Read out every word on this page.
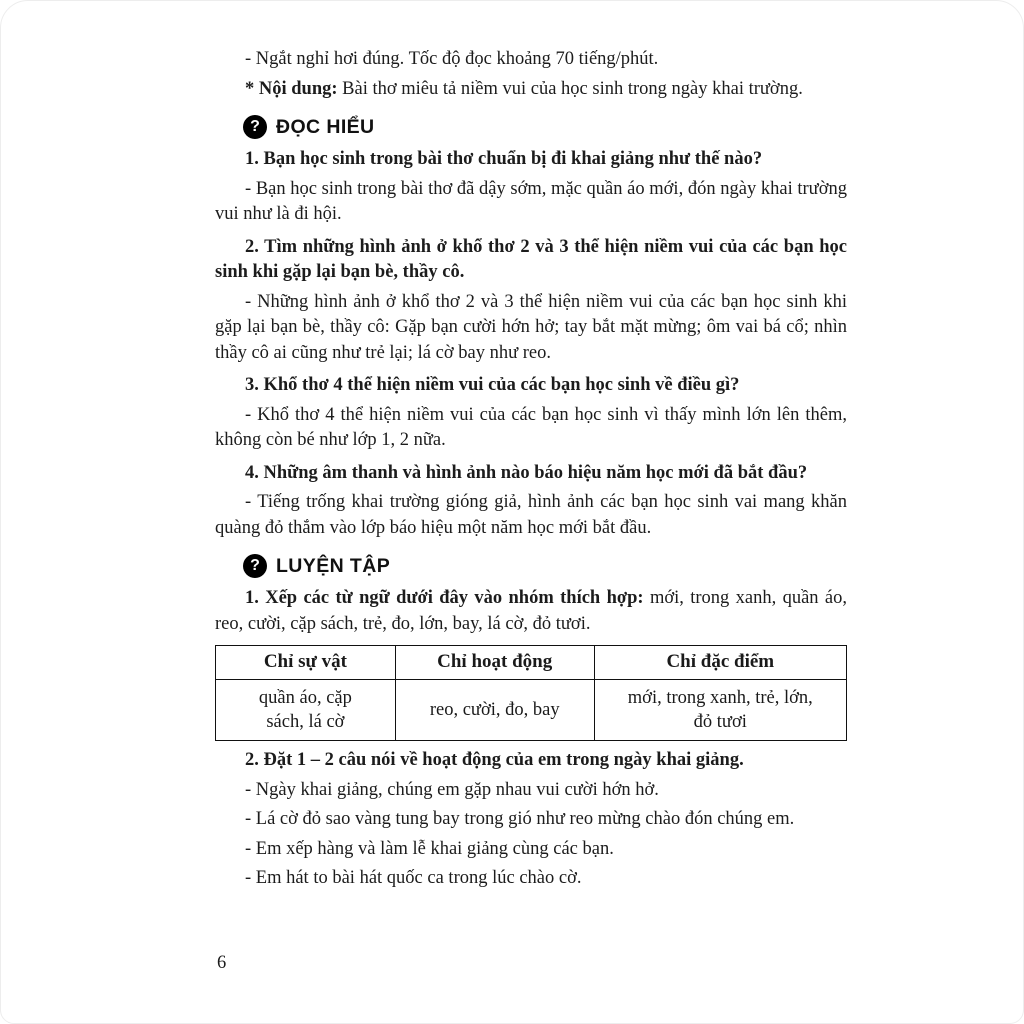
- Ngắt nghỉ hơi đúng. Tốc độ đọc khoảng 70 tiếng/phút.

* Nội dung: Bài thơ miêu tả niềm vui của học sinh trong ngày khai trường.

? ĐỌC HIỂU

1. Bạn học sinh trong bài thơ chuẩn bị đi khai giảng như thế nào?

- Bạn học sinh trong bài thơ đã dậy sớm, mặc quần áo mới, đón ngày khai trường vui như là đi hội.

2. Tìm những hình ảnh ở khổ thơ 2 và 3 thể hiện niềm vui của các bạn học sinh khi gặp lại bạn bè, thầy cô.

- Những hình ảnh ở khổ thơ 2 và 3 thể hiện niềm vui của các bạn học sinh khi gặp lại bạn bè, thầy cô: Gặp bạn cười hớn hở; tay bắt mặt mừng; ôm vai bá cổ; nhìn thầy cô ai cũng như trẻ lại; lá cờ bay như reo.

3. Khổ thơ 4 thể hiện niềm vui của các bạn học sinh về điều gì?

- Khổ thơ 4 thể hiện niềm vui của các bạn học sinh vì thấy mình lớn lên thêm, không còn bé như lớp 1, 2 nữa.

4. Những âm thanh và hình ảnh nào báo hiệu năm học mới đã bắt đầu?

- Tiếng trống khai trường gióng giả, hình ảnh các bạn học sinh vai mang khăn quàng đỏ thắm vào lớp báo hiệu một năm học mới bắt đầu.

? LUYỆN TẬP

1. Xếp các từ ngữ dưới đây vào nhóm thích hợp: mới, trong xanh, quần áo, reo, cười, cặp sách, trẻ, đo, lớn, bay, lá cờ, đỏ tươi.

Chỉ sự vật	Chỉ hoạt động	Chỉ đặc điểm
quần áo, cặp sách, lá cờ	reo, cười, đo, bay	mới, trong xanh, trẻ, lớn, đỏ tươi

2. Đặt 1 – 2 câu nói về hoạt động của em trong ngày khai giảng.

- Ngày khai giảng, chúng em gặp nhau vui cười hớn hở.

- Lá cờ đỏ sao vàng tung bay trong gió như reo mừng chào đón chúng em.

- Em xếp hàng và làm lễ khai giảng cùng các bạn.

- Em hát to bài hát quốc ca trong lúc chào cờ.

6
